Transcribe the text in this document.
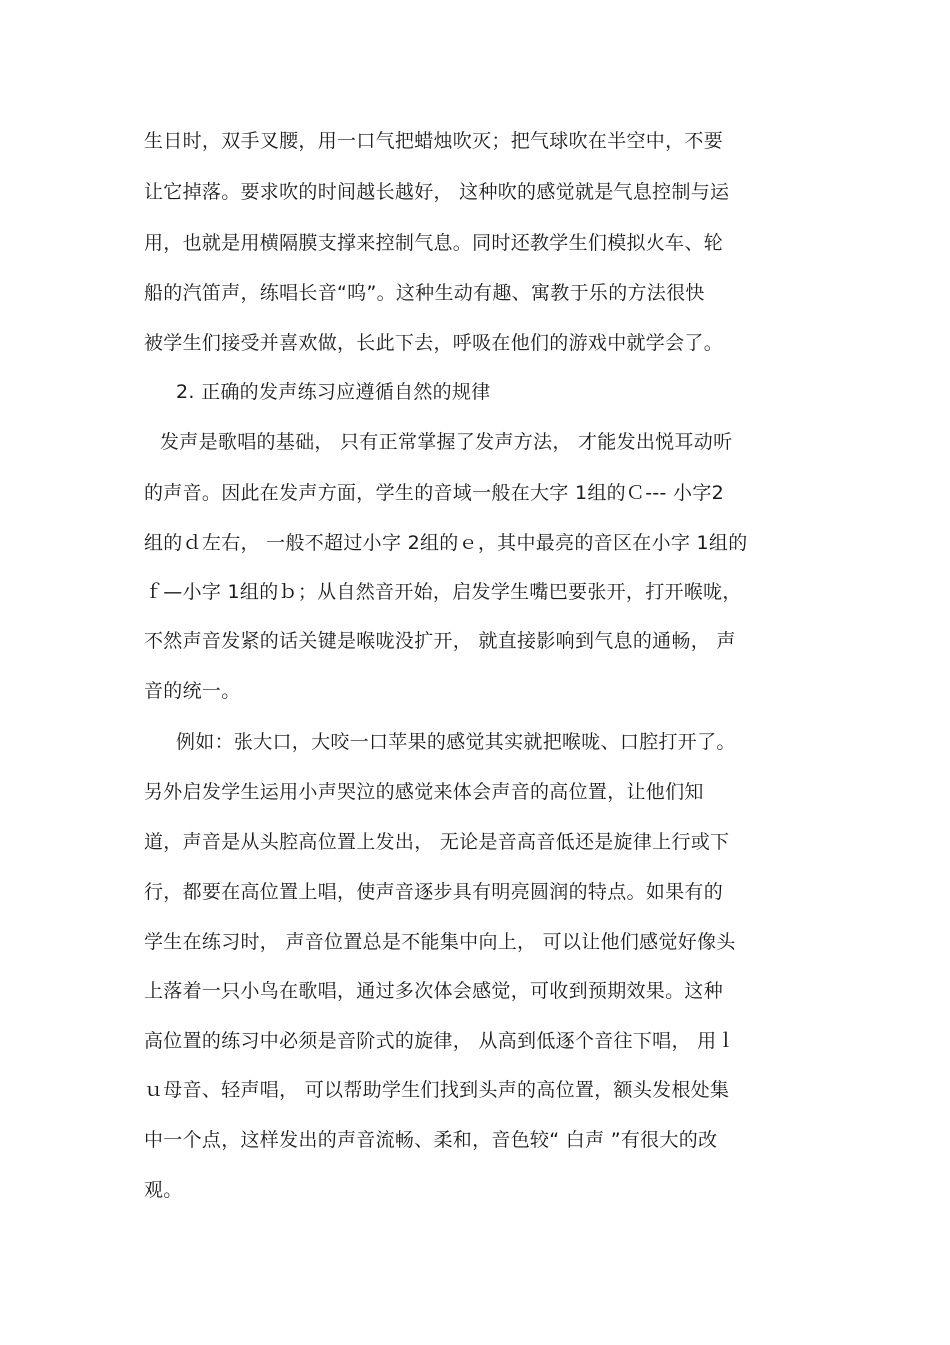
生日时，双手叉腰，用一口气把蜡烛吹灭；把气球吹在半空中，不要
让它掉落。要求吹的时间越长越好， 这种吹的感觉就是气息控制与运
用，也就是用横隔膜支撑来控制气息。同时还教学生们模拟火车、轮
船的汽笛声，练唱长音“呜”。这种生动有趣、寓教于乐的方法很快
被学生们接受并喜欢做，长此下去，呼吸在他们的游戏中就学会了。
2. 正确的发声练习应遵循自然的规律
发声是歌唱的基础， 只有正常掌握了发声方法， 才能发出悦耳动听
的声音。因此在发声方面，学生的音域一般在大字 1组的Ｃ--- 小字2
组的ｄ左右， 一般不超过小字 2组的ｅ，其中最亮的音区在小字 1组的
ｆ—小字 1组的ｂ；从自然音开始，启发学生嘴巴要张开，打开喉咙，
不然声音发紧的话关键是喉咙没扩开， 就直接影响到气息的通畅， 声
音的统一。
例如：张大口，大咬一口苹果的感觉其实就把喉咙、口腔打开了。
另外启发学生运用小声哭泣的感觉来体会声音的高位置，让他们知
道，声音是从头腔高位置上发出， 无论是音高音低还是旋律上行或下
行，都要在高位置上唱，使声音逐步具有明亮圆润的特点。如果有的
学生在练习时， 声音位置总是不能集中向上， 可以让他们感觉好像头
上落着一只小鸟在歌唱，通过多次体会感觉，可收到预期效果。这种
高位置的练习中必须是音阶式的旋律， 从高到低逐个音往下唱， 用ｌ
ｕ母音、轻声唱， 可以帮助学生们找到头声的高位置，额头发根处集
中一个点，这样发出的声音流畅、柔和，音色较“ 白声 ”有很大的改
观。
